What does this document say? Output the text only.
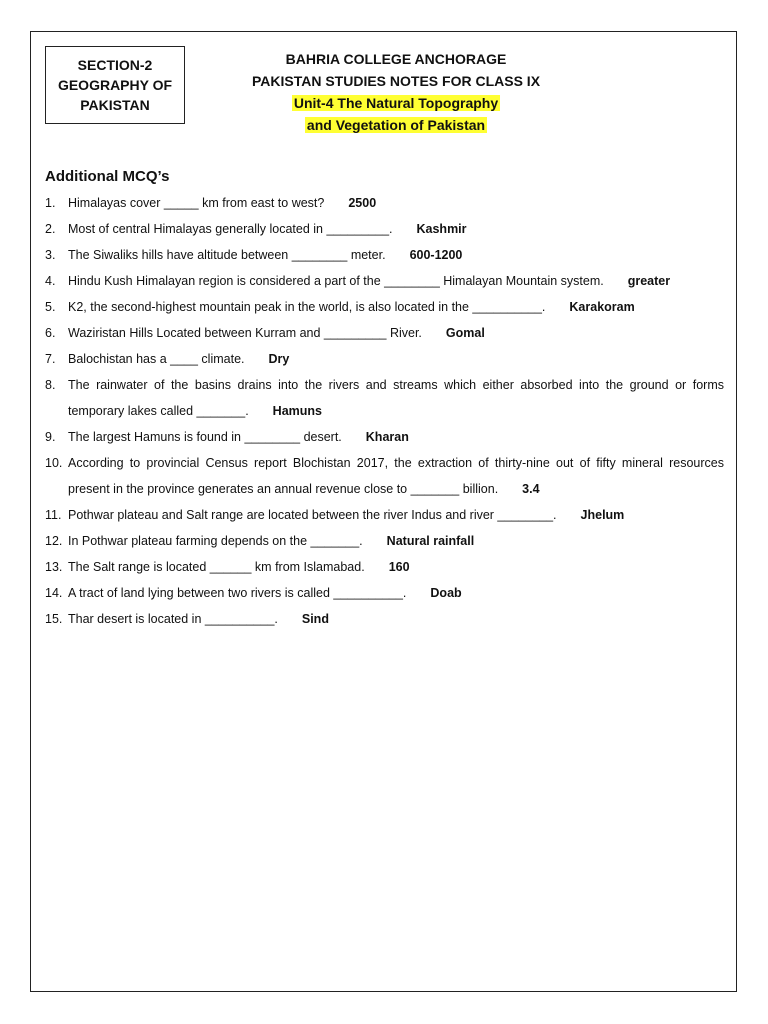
SECTION-2
GEOGRAPHY OF
PAKISTAN
BAHRIA COLLEGE ANCHORAGE
PAKISTAN STUDIES NOTES FOR CLASS IX
Unit-4 The Natural Topography
and Vegetation of Pakistan
Additional MCQ’s
1. Himalayas cover _____ km from east to west? 2500
2. Most of central Himalayas generally located in _________. Kashmir
3. The Siwaliks hills have altitude between ________ meter. 600-1200
4. Hindu Kush Himalayan region is considered a part of the ________ Himalayan Mountain system. greater
5. K2, the second-highest mountain peak in the world, is also located in the __________. Karakoram
6. Waziristan Hills Located between Kurram and _________ River. Gomal
7. Balochistan has a ____ climate. Dry
8. The rainwater of the basins drains into the rivers and streams which either absorbed into the ground or forms
temporary lakes called _______. Hamuns
9. The largest Hamuns is found in ________ desert. Kharan
10. According to provincial Census report Blochistan 2017, the extraction of thirty-nine out of fifty mineral resources
present in the province generates an annual revenue close to _______ billion. 3.4
11. Pothwar plateau and Salt range are located between the river Indus and river ________. Jhelum
12. In Pothwar plateau farming depends on the _______. Natural rainfall
13. The Salt range is located ______ km from Islamabad. 160
14. A tract of land lying between two rivers is called __________. Doab
15. Thar desert is located in __________. Sind
